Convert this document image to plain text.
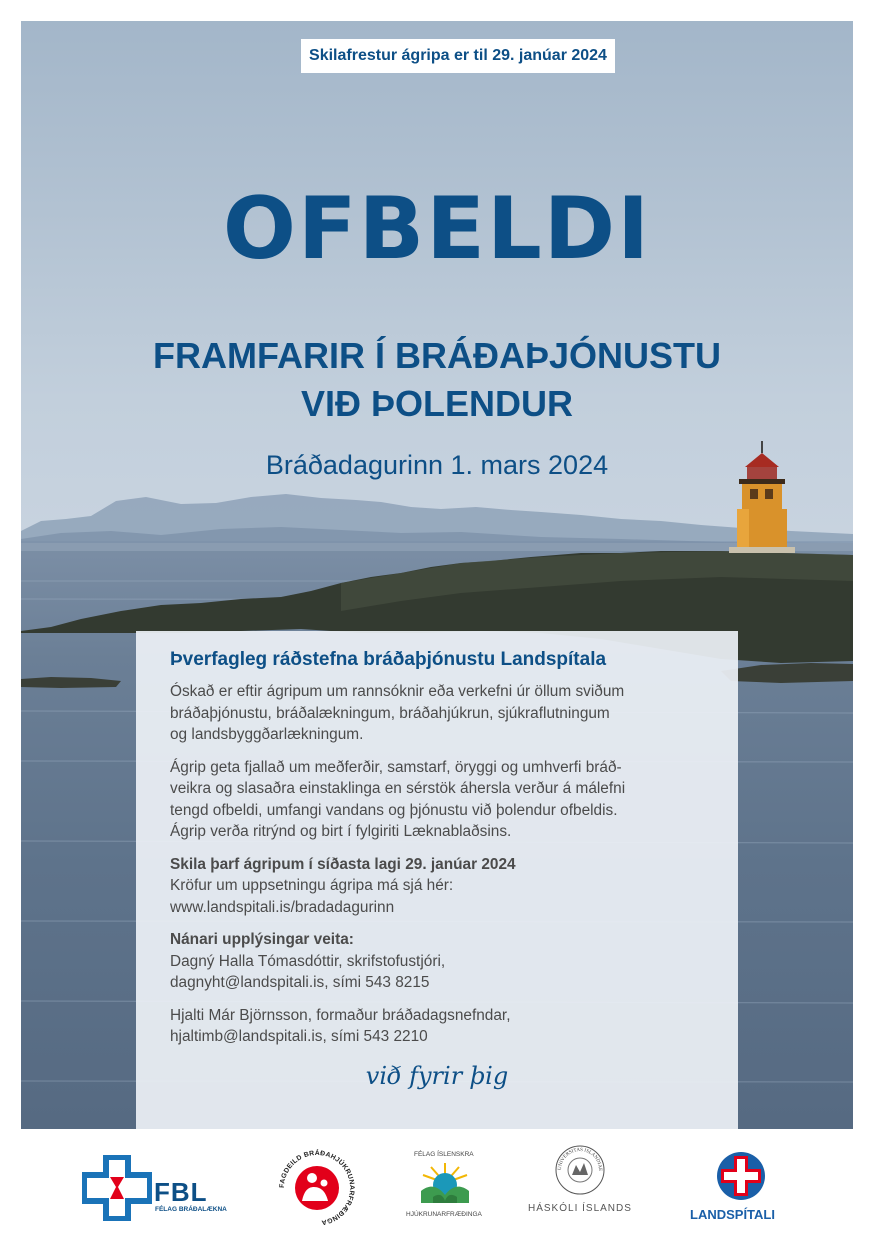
Skilafrestur ágripa er til 29. janúar 2024
OFBELDI
FRAMFARIR Í BRÁÐAÞJÓNUSTU
VIÐ ÞOLENDUR
Bráðadagurinn 1. mars 2024
Þverfagleg ráðstefna bráðaþjónustu Landspítala
Óskað er eftir ágripum um rannsóknir eða verkefni úr öllum sviðum
bráðaþjónustu, bráðalækningum, bráðahjúkrun, sjúkraflutningum
og landsbyggðarlækningum.
Ágrip geta fjallað um meðferðir, samstarf, öryggi og umhverfi bráð-
veikra og slasaðra einstaklinga en sérstök áhersla verður á málefni
tengd ofbeldi, umfangi vandans og þjónustu við þolendur ofbeldis.
Ágrip verða ritrýnd og birt í fylgiriti Læknablaðsins.
Skila þarf ágripum í síðasta lagi 29. janúar 2024
Kröfur um uppsetningu ágripa má sjá hér:
www.landspitali.is/bradadagurinn
Nánari upplýsingar veita:
Dagný Halla Tómasdóttir, skrifstofustjóri,
dagnyht@landspitali.is, sími 543 8215
Hjalti Már Björnsson, formaður bráðadagsnefndar,
hjaltimb@landspitali.is, sími 543 2210
við fyrir þig
FBL
FÉLAG BRÁÐALÆKNA
FAGDEILD BRÁÐAHJÚKRUNARFRÆÐINGA
FÉLAG ÍSLENSKRA
HJÚKRUNARFRÆÐINGA
UNIVERSITAS ISLANDIAE
HÁSKÓLI ÍSLANDS	LANDSPÍTALI
